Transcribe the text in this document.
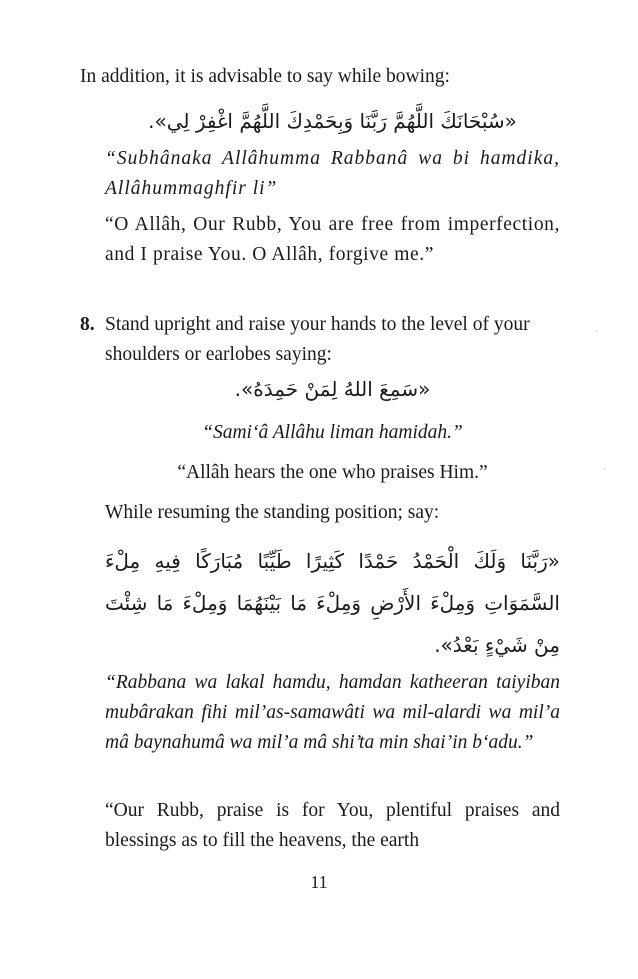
In addition, it is advisable to say while bowing:
«سُبْحَانَكَ اللَّهُمَّ رَبَّنَا وَبِحَمْدِكَ اللَّهُمَّ اغْفِرْ لِي».
“Subhânaka Allâhumma Rabbanâ wa bi hamdika, Allâhummaghfir li”
“O Allâh, Our Rubb, You are free from imperfection, and I praise You. O Allâh, forgive me.”
8. Stand upright and raise your hands to the level of your shoulders or earlobes saying:
«سَمِعَ اللهُ لِمَنْ حَمِدَهُ».
“Sami‘â Allâhu liman hamidah.”
“Allâh hears the one who praises Him.”
While resuming the standing position; say:
«رَبَّنَا وَلَكَ الْحَمْدُ حَمْدًا كَثِيرًا طَيِّبًا مُبَارَكًا فِيهِ مِلْءَ السَّمَوَاتِ وَمِلْءَ الأَرْضِ وَمِلْءَ مَا بَيْنَهُمَا وَمِلْءَ مَا شِئْتَ مِنْ شَيْءٍ بَعْدُ».
“Rabbana wa lakal hamdu, hamdan katheeran taiyiban mubârakan fihi mil’as-samawâti wa mil-alardi wa mil’a mâ baynahumâ wa mil’a mâ shi’ta min shai’in b‘adu.”
“Our Rubb, praise is for You, plentiful praises and blessings as to fill the heavens, the earth
11
